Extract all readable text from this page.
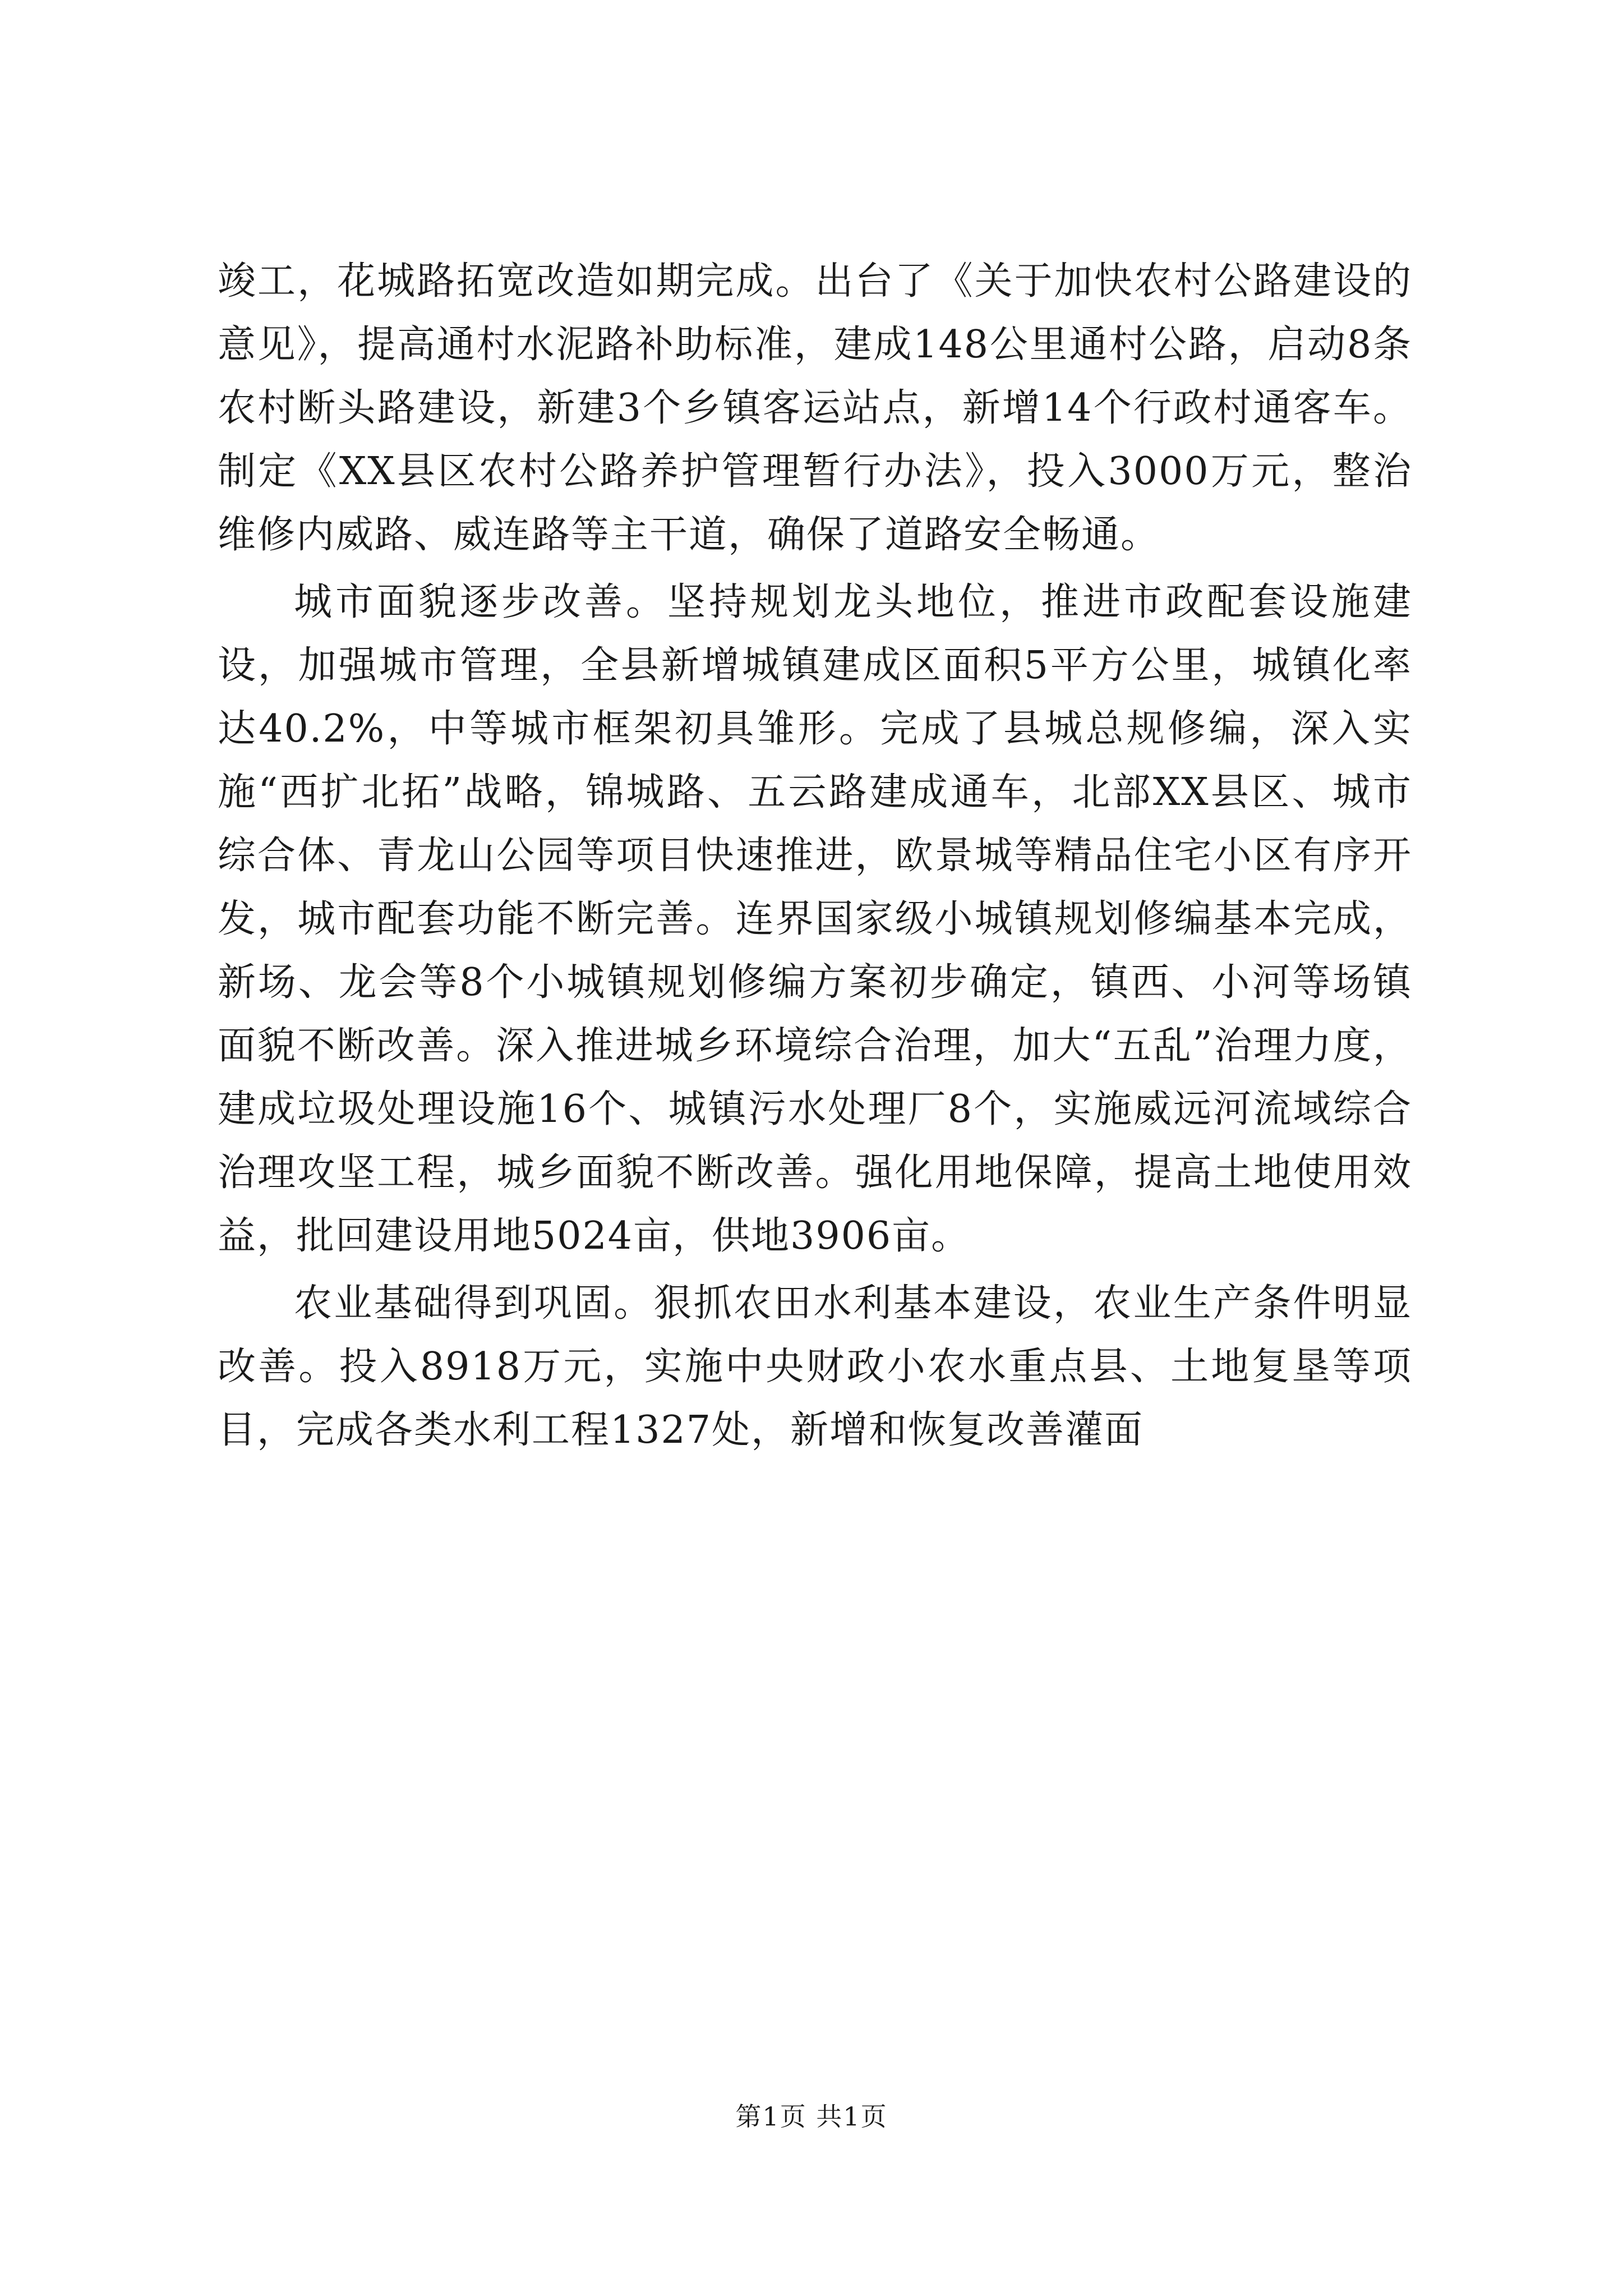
竣工，花城路拓宽改造如期完成。出台了《关于加快农村公路建设的意见》，提高通村水泥路补助标准，建成148公里通村公路，启动8条农村断头路建设，新建3个乡镇客运站点，新增14个行政村通客车。制定《XX县区农村公路养护管理暂行办法》，投入3000万元，整治维修内威路、威连路等主干道，确保了道路安全畅通。

城市面貌逐步改善。坚持规划龙头地位，推进市政配套设施建设，加强城市管理，全县新增城镇建成区面积5平方公里，城镇化率达40.2%，中等城市框架初具雏形。完成了县城总规修编，深入实施“西扩北拓”战略，锦城路、五云路建成通车，北部XX县区、城市综合体、青龙山公园等项目快速推进，欧景城等精品住宅小区有序开发，城市配套功能不断完善。连界国家级小城镇规划修编基本完成，新场、龙会等8个小城镇规划修编方案初步确定，镇西、小河等场镇面貌不断改善。深入推进城乡环境综合治理，加大“五乱”治理力度，建成垃圾处理设施16个、城镇污水处理厂8个，实施威远河流域综合治理攻坚工程，城乡面貌不断改善。强化用地保障，提高土地使用效益，批回建设用地5024亩，供地3906亩。

农业基础得到巩固。狠抓农田水利基本建设，农业生产条件明显改善。投入8918万元，实施中央财政小农水重点县、土地复垦等项目，完成各类水利工程1327处，新增和恢复改善灌面

第1页 共1页
